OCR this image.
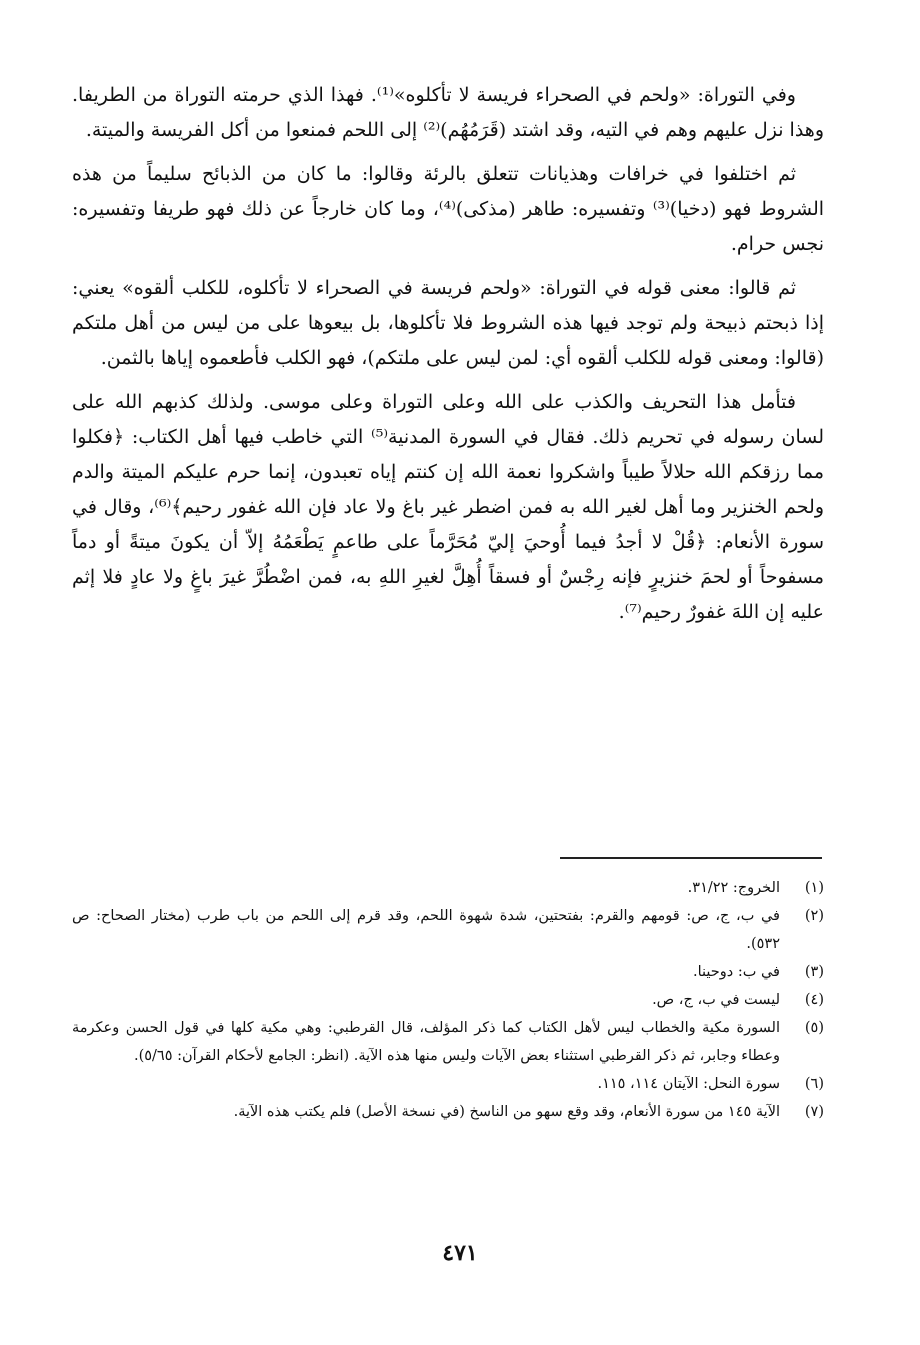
وفي التوراة: «ولحم في الصحراء فريسة لا تأكلوه»⁽¹⁾. فهذا الذي حرمته التوراة من الطريفا. وهذا نزل عليهم وهم في التيه، وقد اشتد (قَرَمُهُم)⁽²⁾ إلى اللحم فمنعوا من أكل الفريسة والميتة.

ثم اختلفوا في خرافات وهذيانات تتعلق بالرئة وقالوا: ما كان من الذبائح سليماً من هذه الشروط فهو (دخيا)⁽³⁾ وتفسيره: طاهر (مذكى)⁽⁴⁾، وما كان خارجاً عن ذلك فهو طريفا وتفسيره: نجس حرام.

ثم قالوا: معنى قوله في التوراة: «ولحم فريسة في الصحراء لا تأكلوه، للكلب ألقوه» يعني: إذا ذبحتم ذبيحة ولم توجد فيها هذه الشروط فلا تأكلوها، بل بيعوها على من ليس من أهل ملتكم (قالوا: ومعنى قوله للكلب ألقوه أي: لمن ليس على ملتكم)، فهو الكلب فأطعموه إياها بالثمن.

فتأمل هذا التحريف والكذب على الله وعلى التوراة وعلى موسى. ولذلك كذبهم الله على لسان رسوله في تحريم ذلك. فقال في السورة المدنية⁽⁵⁾ التي خاطب فيها أهل الكتاب: ﴿فكلوا مما رزقكم الله حلالاً طيباً واشكروا نعمة الله إن كنتم إياه تعبدون، إنما حرم عليكم الميتة والدم ولحم الخنزير وما أهل لغير الله به فمن اضطر غير باغ ولا عاد فإن الله غفور رحيم﴾⁽⁶⁾، وقال في سورة الأنعام: ﴿قُلْ لا أجدُ فيما أُوحيَ إليّ مُحَرَّماً على طاعمٍ يَطْعَمُهُ إلاّ أن يكونَ ميتةً أو دماً مسفوحاً أو لحمَ خنزيرٍ فإنه رِجْسٌ أو فسقاً أُهِلَّ لغيرِ اللهِ به، فمن اضْطُرَّ غيرَ باغٍ ولا عادٍ فلا إثم عليه إن اللهَ غفورٌ رحيم⁽⁷⁾.

(١)
الخروج: ٣١/٢٢.
(٢)
في ب، ج، ص: قومهم والقرم: بفتحتين، شدة شهوة اللحم، وقد قرم إلى اللحم من باب طرب (مختار الصحاح: ص ٥٣٢).
(٣)
في ب: دوحينا.
(٤)
ليست في ب، ج، ص.
(٥)
السورة مكية والخطاب ليس لأهل الكتاب كما ذكر المؤلف، قال القرطبي: وهي مكية كلها في قول الحسن وعكرمة وعطاء وجابر، ثم ذكر القرطبي استثناء بعض الآيات وليس منها هذه الآية. (انظر: الجامع لأحكام القرآن: ٥/٦٥).
(٦)
سورة النحل: الآيتان ١١٤، ١١٥.
(٧)
الآية ١٤٥ من سورة الأنعام، وقد وقع سهو من الناسخ (في نسخة الأصل) فلم يكتب هذه الآية.
٤٧١
